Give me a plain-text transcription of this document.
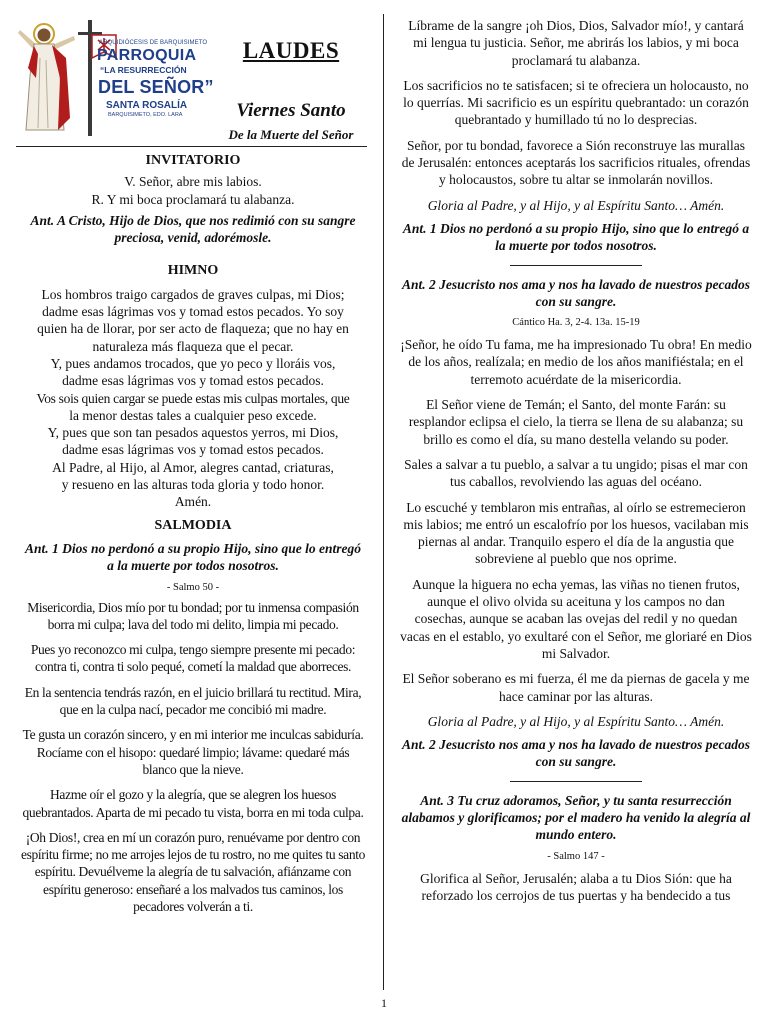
ARQUIDIÓCESIS DE BARQUISIMETO
PARROQUIA
“LA RESURRECCIÓN
DEL SEÑOR”
SANTA ROSALÍA
BARQUISIMETO, EDO. LARA
LAUDES
Viernes Santo
De la Muerte del Señor

INVITATORIO

V. Señor, abre mis labios.

R. Y mi boca proclamará tu alabanza.

Ant. A Cristo, Hijo de Dios, que nos redimió con su sangre preciosa, venid, adorémosle.

HIMNO

Los hombros traigo cargados de graves culpas, mi Dios;

dadme esas lágrimas vos y tomad estos pecados. Yo soy

quien ha de llorar, por ser acto de flaqueza; que no hay en

naturaleza más flaqueza que el pecar.

Y, pues andamos trocados, que yo peco y lloráis vos,

dadme esas lágrimas vos y tomad estos pecados.

Vos sois quien cargar se puede estas mis culpas mortales, que

la menor destas tales a cualquier peso excede.

Y, pues que son tan pesados aquestos yerros, mi Dios,

dadme esas lágrimas vos y tomad estos pecados.

Al Padre, al Hijo, al Amor, alegres cantad, criaturas,

y resueno en las alturas toda gloria y todo honor.

Amén.

SALMODIA

Ant. 1 Dios no perdonó a su propio Hijo, sino que lo entregó a la muerte por todos nosotros.

- Salmo 50 -

Misericordia, Dios mío por tu bondad; por tu inmensa compasión borra mi culpa; lava del todo mi delito, limpia mi pecado.

Pues yo reconozco mi culpa, tengo siempre presente mi pecado: contra ti, contra ti solo pequé, cometí la maldad que aborreces.

En la sentencia tendrás razón, en el juicio brillará tu rectitud. Mira, que en la culpa nací, pecador me concibió mi madre.

Te gusta un corazón sincero, y en mi interior me inculcas sabiduría. Rocíame con el hisopo: quedaré limpio; lávame: quedaré más blanco que la nieve.

Hazme oír el gozo y la alegría, que se alegren los huesos quebrantados. Aparta de mi pecado tu vista, borra en mi toda culpa.

¡Oh Dios!, crea en mí un corazón puro, renuévame por dentro con espíritu firme; no me arrojes lejos de tu rostro, no me quites tu santo espíritu. Devuélveme la alegría de tu salvación, afiánzame con espíritu generoso: enseñaré a los malvados tus caminos, los pecadores volverán a ti.

Líbrame de la sangre ¡oh Dios, Dios, Salvador mío!, y cantará mi lengua tu justicia. Señor, me abrirás los labios, y mi boca proclamará tu alabanza.

Los sacrificios no te satisfacen; si te ofreciera un holocausto, no lo querrías. Mi sacrificio es un espíritu quebrantado: un corazón quebrantado y humillado tú no lo desprecias.

Señor, por tu bondad, favorece a Sión reconstruye las murallas de Jerusalén: entonces aceptarás los sacrificios rituales, ofrendas y holocaustos, sobre tu altar se inmolarán novillos.

Gloria al Padre, y al Hijo, y al Espíritu Santo… Amén.

Ant. 1 Dios no perdonó a su propio Hijo, sino que lo entregó a la muerte por todos nosotros.

Ant. 2 Jesucristo nos ama y nos ha lavado de nuestros pecados con su sangre.

Cántico Ha. 3, 2-4. 13a. 15-19

¡Señor, he oído Tu fama, me ha impresionado Tu obra! En medio de los años, realízala; en medio de los años manifiéstala; en el terremoto acuérdate de la misericordia.

El Señor viene de Temán; el Santo, del monte Farán: su resplandor eclipsa el cielo, la tierra se llena de su alabanza; su brillo es como el día, su mano destella velando su poder.

Sales a salvar a tu pueblo, a salvar a tu ungido; pisas el mar con tus caballos, revolviendo las aguas del océano.

Lo escuché y temblaron mis entrañas, al oírlo se estremecieron mis labios; me entró un escalofrío por los huesos, vacilaban mis piernas al andar. Tranquilo espero el día de la angustia que sobreviene al pueblo que nos oprime.

Aunque la higuera no echa yemas, las viñas no tienen frutos, aunque el olivo olvida su aceituna y los campos no dan cosechas, aunque se acaban las ovejas del redil y no quedan vacas en el establo, yo exultaré con el Señor, me gloriaré en Dios mi Salvador.

El Señor soberano es mi fuerza, él me da piernas de gacela y me hace caminar por las alturas.

Gloria al Padre, y al Hijo, y al Espíritu Santo… Amén.

Ant. 2 Jesucristo nos ama y nos ha lavado de nuestros pecados con su sangre.

Ant. 3 Tu cruz adoramos, Señor, y tu santa resurrección alabamos y glorificamos; por el madero ha venido la alegría al mundo entero.

- Salmo 147 -

Glorifica al Señor, Jerusalén; alaba a tu Dios Sión: que ha reforzado los cerrojos de tus puertas y ha bendecido a tus

1
